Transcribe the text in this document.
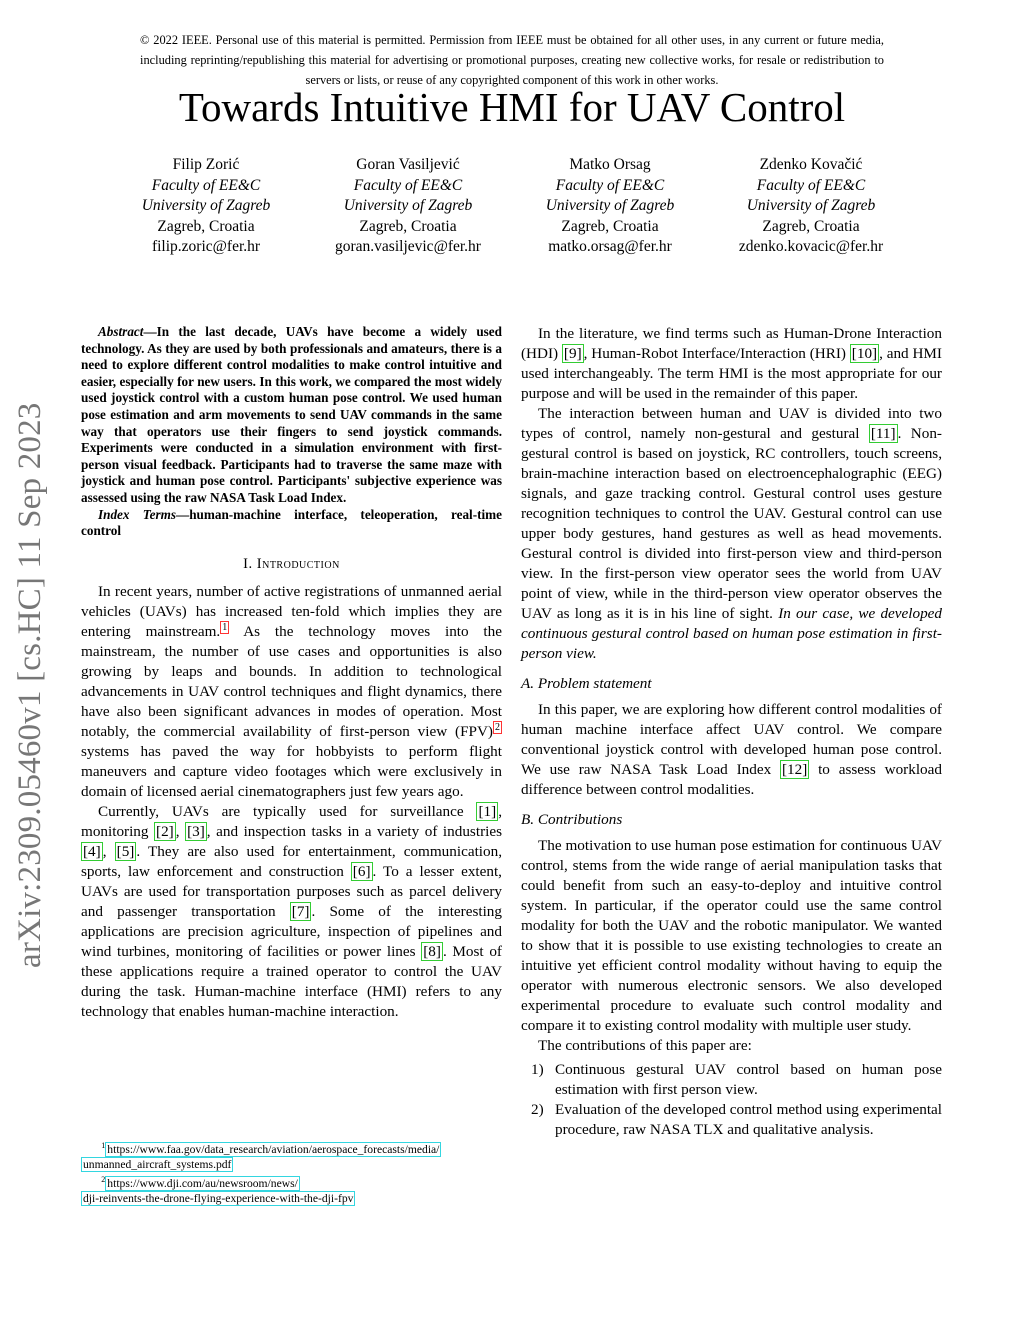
© 2022 IEEE. Personal use of this material is permitted. Permission from IEEE must be obtained for all other uses, in any current or future media, including reprinting/republishing this material for advertising or promotional purposes, creating new collective works, for resale or redistribution to servers or lists, or reuse of any copyrighted component of this work in other works.
Towards Intuitive HMI for UAV Control
Filip Zorić
Faculty of EE&C
University of Zagreb
Zagreb, Croatia
filip.zoric@fer.hr
Goran Vasiljević
Faculty of EE&C
University of Zagreb
Zagreb, Croatia
goran.vasiljevic@fer.hr
Matko Orsag
Faculty of EE&C
University of Zagreb
Zagreb, Croatia
matko.orsag@fer.hr
Zdenko Kovačić
Faculty of EE&C
University of Zagreb
Zagreb, Croatia
zdenko.kovacic@fer.hr
arXiv:2309.05460v1 [cs.HC] 11 Sep 2023

Abstract—In the last decade, UAVs have become a widely used technology. As they are used by both professionals and amateurs, there is a need to explore different control modalities to make control intuitive and easier, especially for new users. In this work, we compared the most widely used joystick control with a custom human pose control. We used human pose estimation and arm movements to send UAV commands in the same way that operators use their fingers to send joystick commands. Experiments were conducted in a simulation environment with first-person visual feedback. Participants had to traverse the same maze with joystick and human pose control. Participants' subjective experience was assessed using the raw NASA Task Load Index.

Index Terms—human-machine interface, teleoperation, real-time control

I. Introduction

In recent years, number of active registrations of unmanned aerial vehicles (UAVs) has increased ten-fold which implies they are entering mainstream. $^1$ As the technology moves into the mainstream, the number of use cases and opportunities is also growing by leaps and bounds. In addition to technological advancements in UAV control techniques and flight dynamics, there have also been significant advances in modes of operation. Most notably, the commercial availability of first-person view (FPV) $^2$ systems has paved the way for hobbyists to perform flight maneuvers and capture video footages which were exclusively in domain of licensed aerial cinematographers just few years ago.

Currently, UAVs are typically used for surveillance [1] , monitoring [2] , [3] , and inspection tasks in a variety of industries [4] , [5] . They are also used for entertainment, communication, sports, law enforcement and construction [6] . To a lesser extent, UAVs are used for transportation purposes such as parcel delivery and passenger transportation [7] . Some of the interesting applications are precision agriculture, inspection of pipelines and wind turbines, monitoring of facilities or power lines [8] . Most of these applications require a trained operator to control the UAV during the task. Human-machine interface (HMI) refers to any technology that enables human-machine interaction.

$^1$ https://www.faa.gov/data_research/aviation/aerospace_forecasts/media/
unmanned_aircraft_systems.pdf

$^2$ https://www.dji.com/au/newsroom/news/
dji-reinvents-the-drone-flying-experience-with-the-dji-fpv

In the literature, we find terms such as Human-Drone Interaction (HDI) [9] , Human-Robot Interface/Interaction (HRI) [10] , and HMI used interchangeably. The term HMI is the most appropriate for our purpose and will be used in the remainder of this paper.

The interaction between human and UAV is divided into two types of control, namely non-gestural and gestural [11] . Non-gestural control is based on joystick, RC controllers, touch screens, brain-machine interaction based on electroencephalographic (EEG) signals, and gaze tracking control. Gestural control uses gesture recognition techniques to control the UAV. Gestural control can use upper body gestures, hand gestures as well as head movements. Gestural control is divided into first-person view and third-person view. In the first-person view operator sees the world from UAV point of view, while in the third-person view operator observes the UAV as long as it is in his line of sight. In our case, we developed continuous gestural control based on human pose estimation in first-person view.

A. Problem statement

In this paper, we are exploring how different control modalities of human machine interface affect UAV control. We compare conventional joystick control with developed human pose control. We use raw NASA Task Load Index [12] to assess workload difference between control modalities.

B. Contributions

The motivation to use human pose estimation for continuous UAV control, stems from the wide range of aerial manipulation tasks that could benefit from such an easy-to-deploy and intuitive control system. In particular, if the operator could use the same control modality for both the UAV and the robotic manipulator. We wanted to show that it is possible to use existing technologies to create an intuitive yet efficient control modality without having to equip the operator with numerous electronic sensors. We also developed experimental procedure to evaluate such control modality and compare it to existing control modality with multiple user study.

The contributions of this paper are:

1) Continuous gestural UAV control based on human pose estimation with first person view.
2) Evaluation of the developed control method using experimental procedure, raw NASA TLX and qualitative analysis.
